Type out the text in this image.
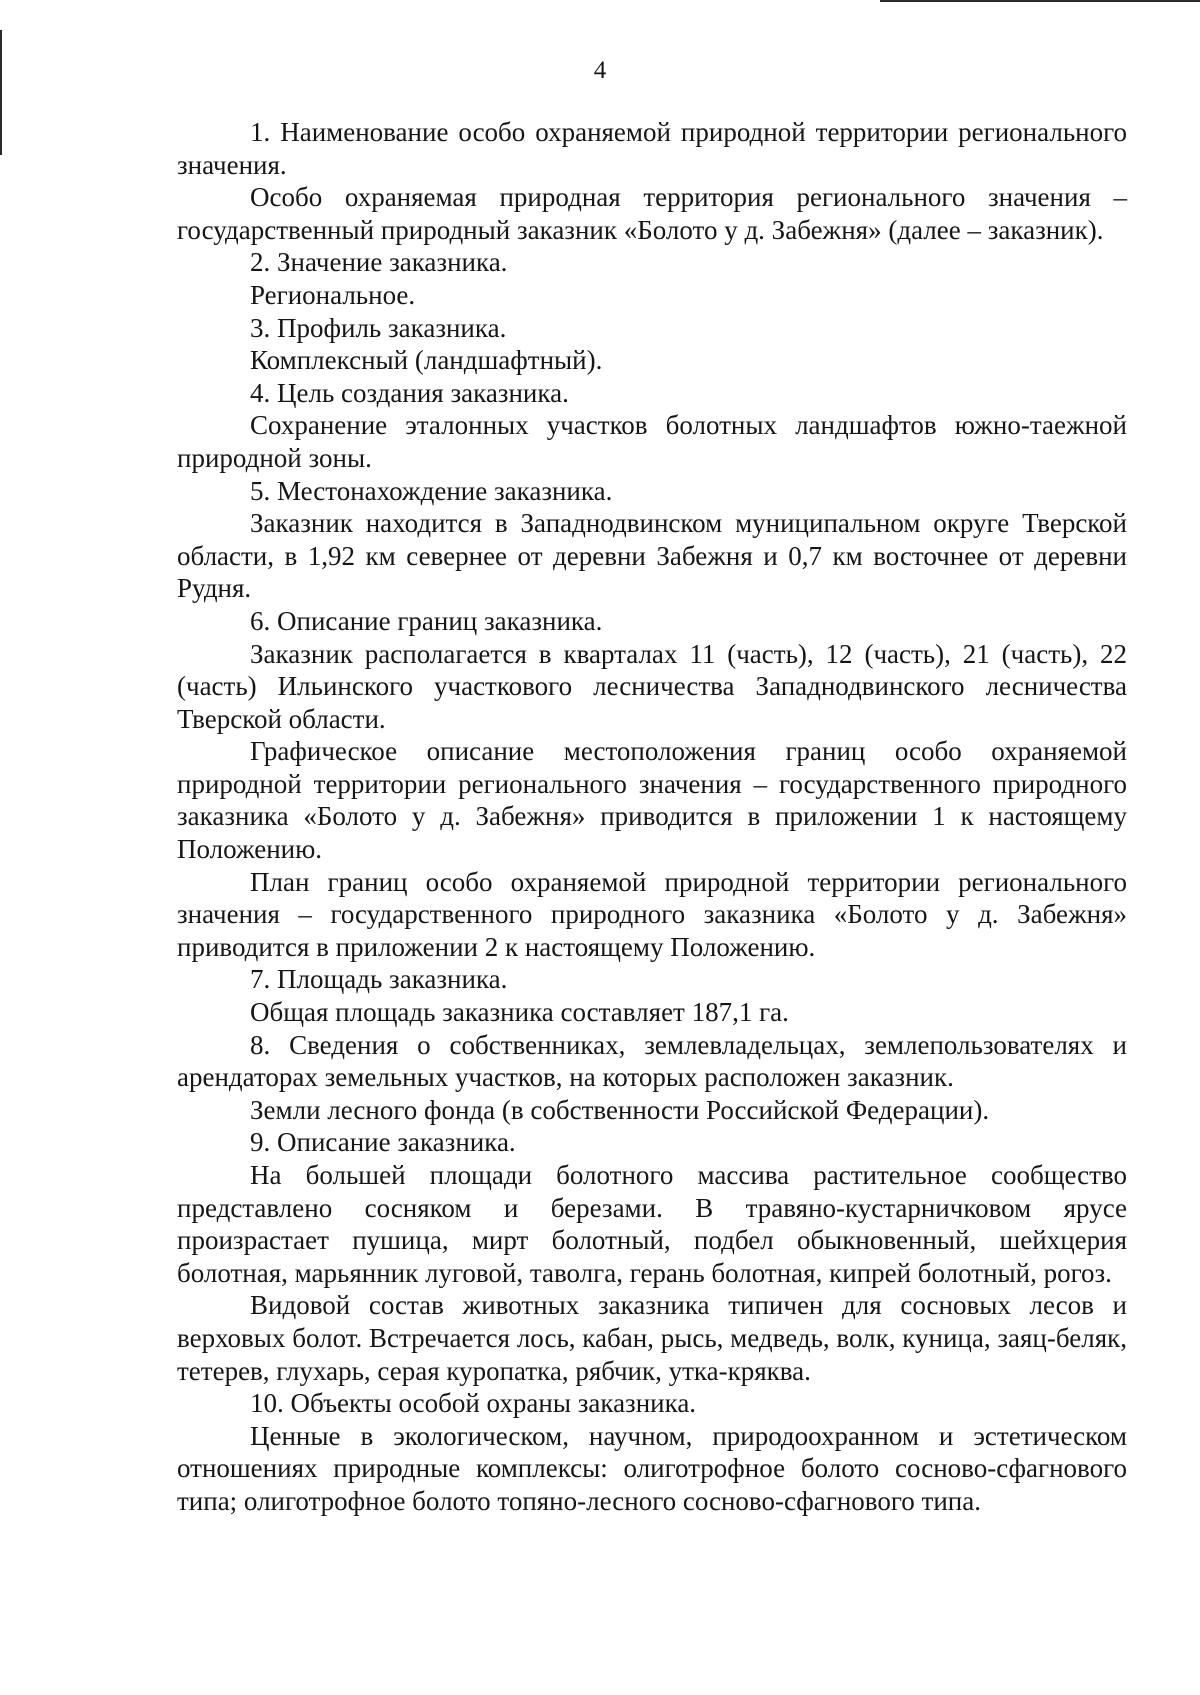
4

1. Наименование особо охраняемой природной территории регионального значения.

Особо охраняемая природная территория регионального значения – государственный природный заказник «Болото у д. Забежня» (далее – заказник).

2. Значение заказника.

Региональное.

3. Профиль заказника.

Комплексный (ландшафтный).

4. Цель создания заказника.

Сохранение эталонных участков болотных ландшафтов южно-таежной природной зоны.

5. Местонахождение заказника.

Заказник находится в Западнодвинском муниципальном округе Тверской области, в 1,92 км севернее от деревни Забежня и 0,7 км восточнее от деревни Рудня.

6. Описание границ заказника.

Заказник располагается в кварталах 11 (часть), 12 (часть), 21 (часть), 22 (часть) Ильинского участкового лесничества Западнодвинского лесничества Тверской области.

Графическое описание местоположения границ особо охраняемой природной территории регионального значения – государственного природного заказника «Болото у д. Забежня» приводится в приложении 1 к настоящему Положению.

План границ особо охраняемой природной территории регионального значения – государственного природного заказника «Болото у д. Забежня» приводится в приложении 2 к настоящему Положению.

7. Площадь заказника.

Общая площадь заказника составляет 187,1 га.

8. Сведения о собственниках, землевладельцах, землепользователях и арендаторах земельных участков, на которых расположен заказник.

Земли лесного фонда (в собственности Российской Федерации).

9. Описание заказника.

На большей площади болотного массива растительное сообщество представлено сосняком и березами. В травяно-кустарничковом ярусе произрастает пушица, мирт болотный, подбел обыкновенный, шейхцерия болотная, марьянник луговой, таволга, герань болотная, кипрей болотный, рогоз.

Видовой состав животных заказника типичен для сосновых лесов и верховых болот. Встречается лось, кабан, рысь, медведь, волк, куница, заяц-беляк, тетерев, глухарь, серая куропатка, рябчик, утка-кряква.

10. Объекты особой охраны заказника.

Ценные в экологическом, научном, природоохранном и эстетическом отношениях природные комплексы: олиготрофное болото сосново-сфагнового типа; олиготрофное болото топяно-лесного сосново-сфагнового типа.
